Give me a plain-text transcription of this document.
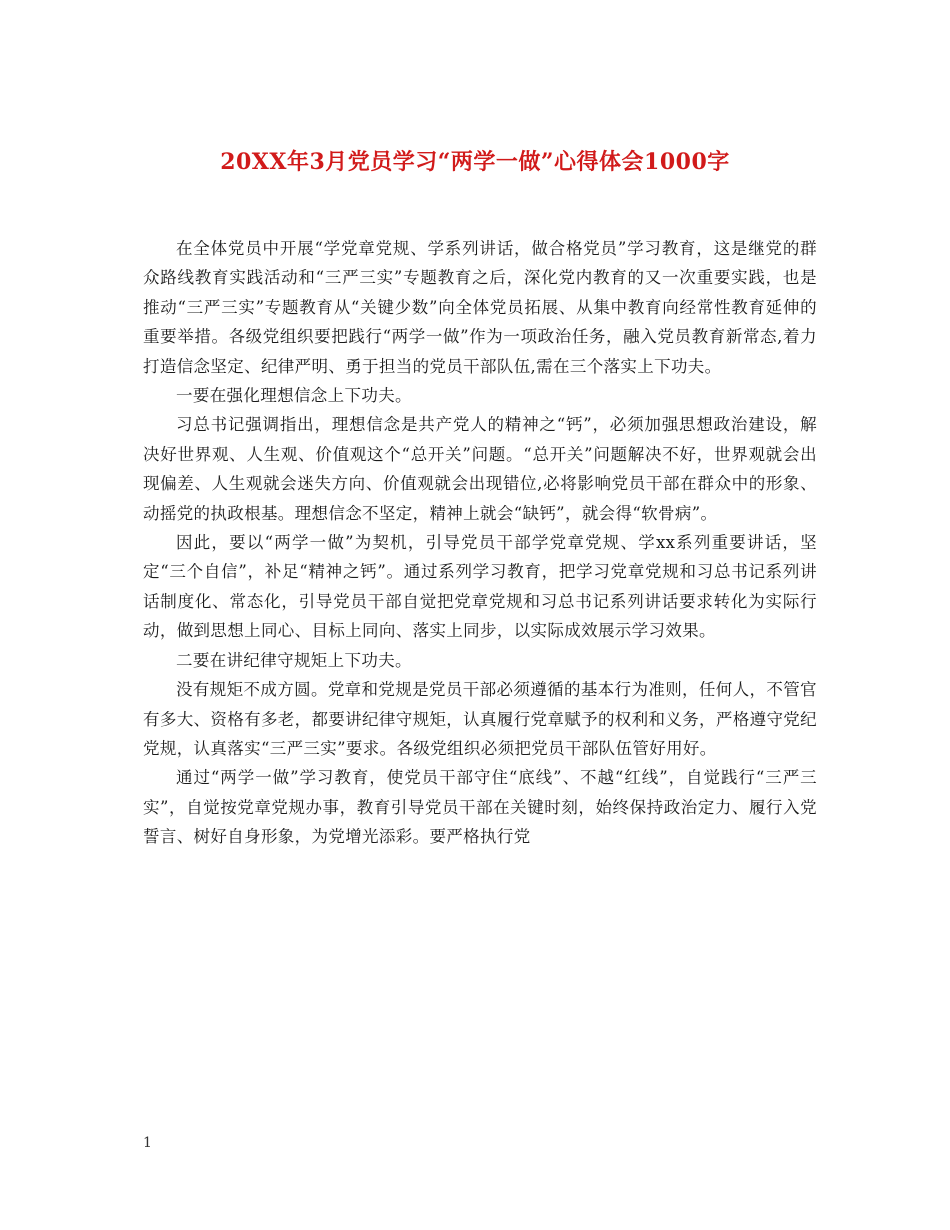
20XX年3月党员学习“两学一做”心得体会1000字

在全体党员中开展“学党章党规、学系列讲话，做合格党员”学习教育，这是继党的群众路线教育实践活动和“三严三实”专题教育之后，深化党内教育的又一次重要实践，也是推动“三严三实”专题教育从“关键少数”向全体党员拓展、从集中教育向经常性教育延伸的重要举措。各级党组织要把践行“两学一做”作为一项政治任务，融入党员教育新常态,着力打造信念坚定、纪律严明、勇于担当的党员干部队伍,需在三个落实上下功夫。

一要在强化理想信念上下功夫。

习总书记强调指出，理想信念是共产党人的精神之“钙”，必须加强思想政治建设，解决好世界观、人生观、价值观这个“总开关”问题。“总开关”问题解决不好，世界观就会出现偏差、人生观就会迷失方向、价值观就会出现错位,必将影响党员干部在群众中的形象、动摇党的执政根基。理想信念不坚定，精神上就会“缺钙”，就会得“软骨病”。

因此，要以“两学一做”为契机，引导党员干部学党章党规、学xx系列重要讲话，坚定“三个自信”，补足“精神之钙”。通过系列学习教育，把学习党章党规和习总书记系列讲话制度化、常态化，引导党员干部自觉把党章党规和习总书记系列讲话要求转化为实际行动，做到思想上同心、目标上同向、落实上同步，以实际成效展示学习效果。

二要在讲纪律守规矩上下功夫。

没有规矩不成方圆。党章和党规是党员干部必须遵循的基本行为准则，任何人，不管官有多大、资格有多老，都要讲纪律守规矩，认真履行党章赋予的权利和义务，严格遵守党纪党规，认真落实“三严三实”要求。各级党组织必须把党员干部队伍管好用好。

通过“两学一做”学习教育，使党员干部守住“底线”、不越“红线”，自觉践行“三严三实”，自觉按党章党规办事，教育引导党员干部在关键时刻，始终保持政治定力、履行入党誓言、树好自身形象，为党增光添彩。要严格执行党

1
